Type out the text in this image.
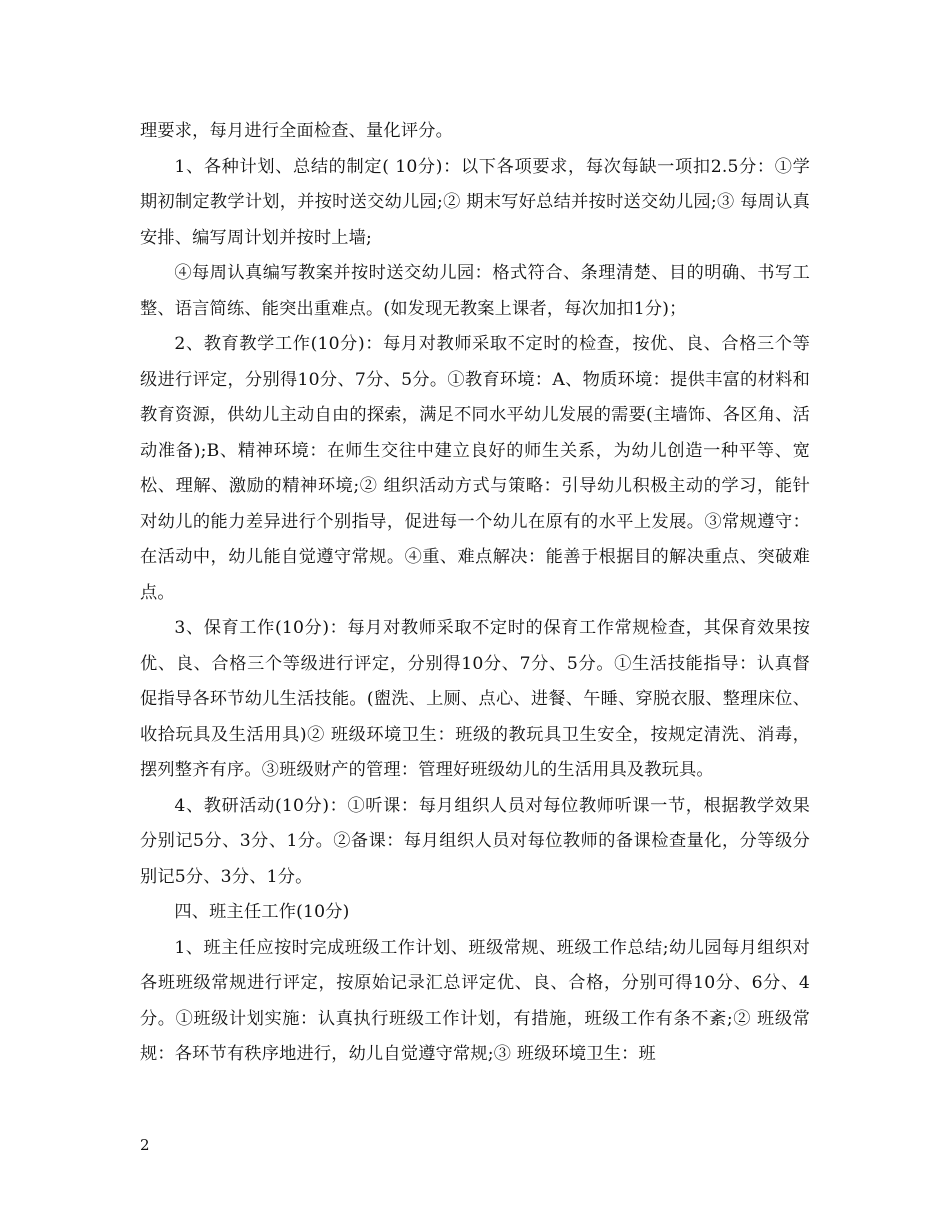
理要求，每月进行全面检查、量化评分。

1、各种计划、总结的制定( 10分)：以下各项要求，每次每缺一项扣2.5分：①学期初制定教学计划，并按时送交幼儿园;② 期末写好总结并按时送交幼儿园;③ 每周认真安排、编写周计划并按时上墙;

④每周认真编写教案并按时送交幼儿园：格式符合、条理清楚、目的明确、书写工整、语言简练、能突出重难点。(如发现无教案上课者，每次加扣1分)；

2、教育教学工作(10分)：每月对教师采取不定时的检查，按优、良、合格三个等级进行评定，分别得10分、7分、5分。①教育环境：A、物质环境：提供丰富的材料和教育资源，供幼儿主动自由的探索，满足不同水平幼儿发展的需要(主墙饰、各区角、活动准备);B、精神环境：在师生交往中建立良好的师生关系，为幼儿创造一种平等、宽松、理解、激励的精神环境;② 组织活动方式与策略：引导幼儿积极主动的学习，能针对幼儿的能力差异进行个别指导，促进每一个幼儿在原有的水平上发展。③常规遵守：在活动中，幼儿能自觉遵守常规。④重、难点解决：能善于根据目的解决重点、突破难点。

3、保育工作(10分)：每月对教师采取不定时的保育工作常规检查，其保育效果按优、良、合格三个等级进行评定，分别得10分、7分、5分。①生活技能指导：认真督促指导各环节幼儿生活技能。(盥洗、上厕、点心、进餐、午睡、穿脱衣服、整理床位、收拾玩具及生活用具)② 班级环境卫生：班级的教玩具卫生安全，按规定清洗、消毒，摆列整齐有序。③班级财产的管理：管理好班级幼儿的生活用具及教玩具。

4、教研活动(10分)：①听课：每月组织人员对每位教师听课一节，根据教学效果分别记5分、3分、1分。②备课：每月组织人员对每位教师的备课检查量化，分等级分别记5分、3分、1分。

四、班主任工作(10分)

1、班主任应按时完成班级工作计划、班级常规、班级工作总结;幼儿园每月组织对各班班级常规进行评定，按原始记录汇总评定优、良、合格，分别可得10分、6分、4分。①班级计划实施：认真执行班级工作计划，有措施，班级工作有条不紊;② 班级常规：各环节有秩序地进行，幼儿自觉遵守常规;③ 班级环境卫生：班

2
